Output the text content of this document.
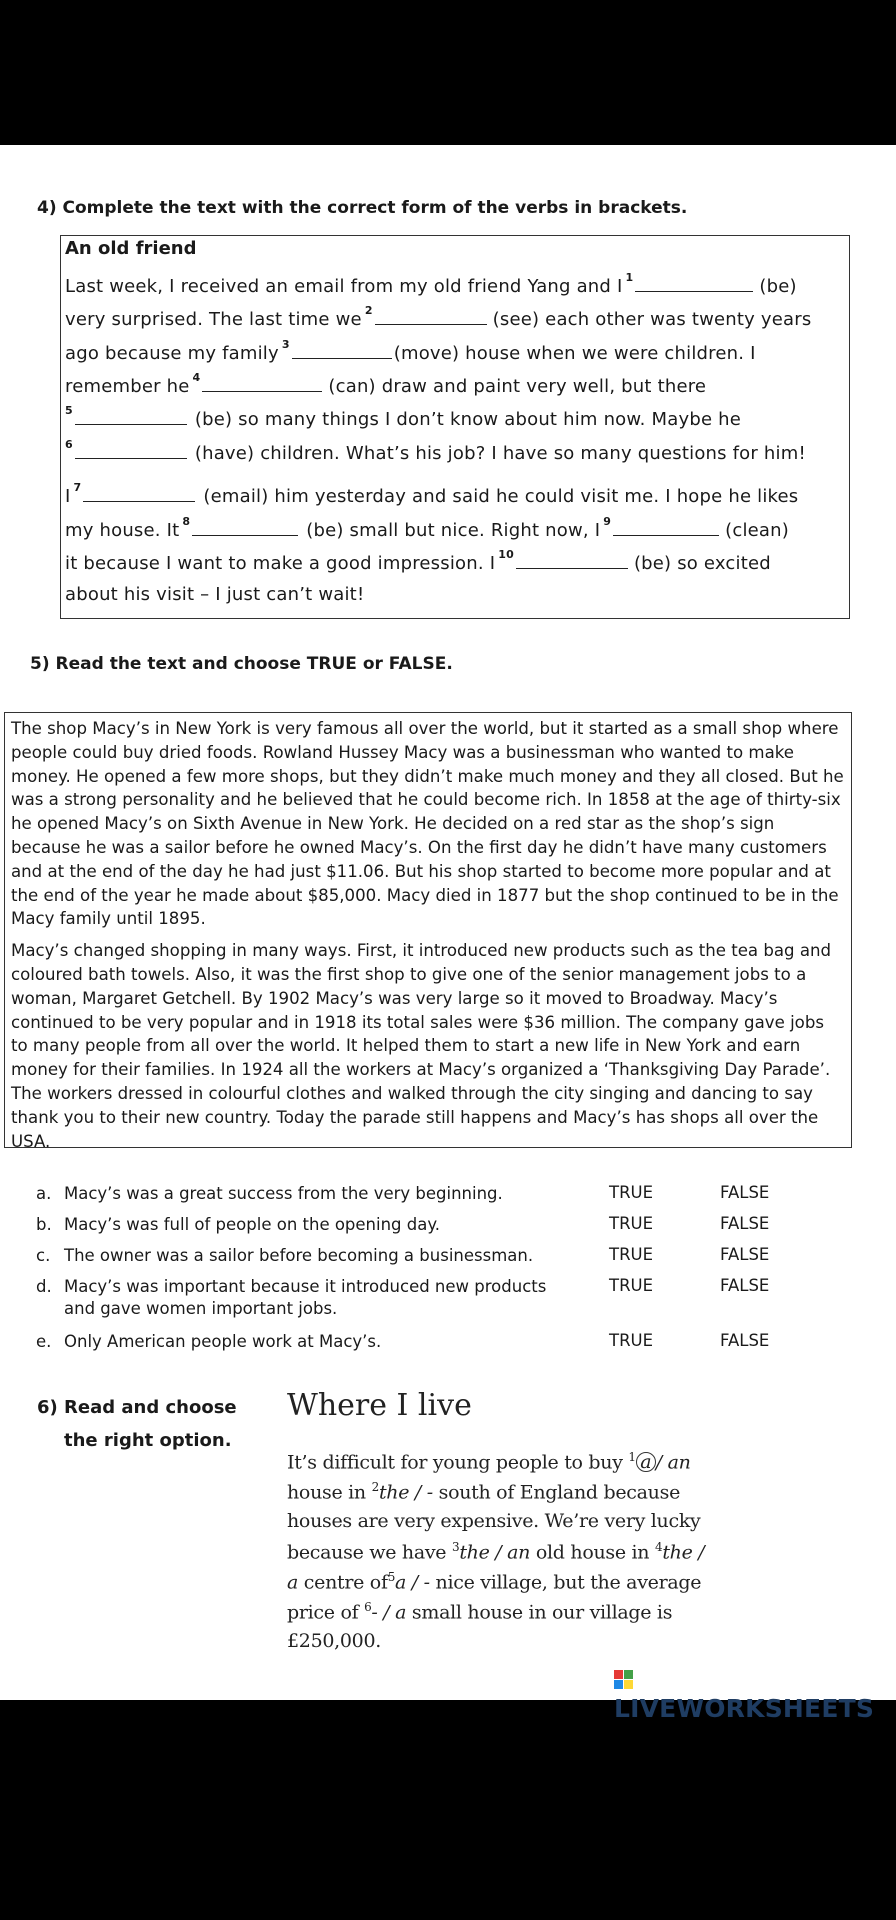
4) Complete the text with the correct form of the verbs in brackets.
An old friend
Last week, I received an email from my old friend Yang and I $^1$	(be)
very surprised. The last time we $^2$	(see) each other was twenty years
ago because my family $^3$	(move) house when we were children. I
remember he $^4$	(can) draw and paint very well, but there
$^5$	(be) so many things I don’t know about him now. Maybe he
$^6$	(have) children. What’s his job? I have so many questions for him!
I $^7$	(email) him yesterday and said he could visit me. I hope he likes
my house. It $^8$	(be) small but nice. Right now, I $^9$	(clean)
it because I want to make a good impression. I $^{10}$	(be) so excited
about his visit – I just can’t wait!
5) Read the text and choose TRUE or FALSE.

The shop Macy’s in New York is very famous all over the world, but it started as a small shop where people could buy dried foods. Rowland Hussey Macy was a businessman who wanted to make money. He opened a few more shops, but they didn’t make much money and they all closed. But he was a strong personality and he believed that he could become rich. In 1858 at the age of thirty-six he opened Macy’s on Sixth Avenue in New York. He decided on a red star as the shop’s sign because he was a sailor before he owned Macy’s. On the first day he didn’t have many customers and at the end of the day he had just $11.06. But his shop started to become more popular and at the end of the year he made about $85,000. Macy died in 1877 but the shop continued to be in the Macy family until 1895.

Macy’s changed shopping in many ways. First, it introduced new products such as the tea bag and coloured bath towels. Also, it was the first shop to give one of the senior management jobs to a woman, Margaret Getchell. By 1902 Macy’s was very large so it moved to Broadway. Macy’s continued to be very popular and in 1918 its total sales were $36 million. The company gave jobs to many people from all over the world. It helped them to start a new life in New York and earn money for their families. In 1924 all the workers at Macy’s organized a ‘Thanksgiving Day Parade’. The workers dressed in colourful clothes and walked through the city singing and dancing to say thank you to their new country. Today the parade still happens and Macy’s has shops all over the USA.

a. Macy’s was a great success from the very beginning.	TRUE	FALSE
b. Macy’s was full of people on the opening day.	TRUE	FALSE
c. The owner was a sailor before becoming a businessman.	TRUE	FALSE
d. Macy’s was important because it introduced new products and gave women important jobs.
TRUE	FALSE
e. Only American people work at Macy’s.	TRUE	FALSE
6) Read and choose
the right option.
Where I live
It’s difficult for young people to buy $^1$ a / an
house in $^2$the / - south of England because
houses are very expensive. We’re very lucky
because we have $^3$the / an old house in $^4$the /
a centre $of^5a$ / - nice village, but the average
price of $^6$- / a small house in our village is
£250,000.
LIVEWORKSHEETS
